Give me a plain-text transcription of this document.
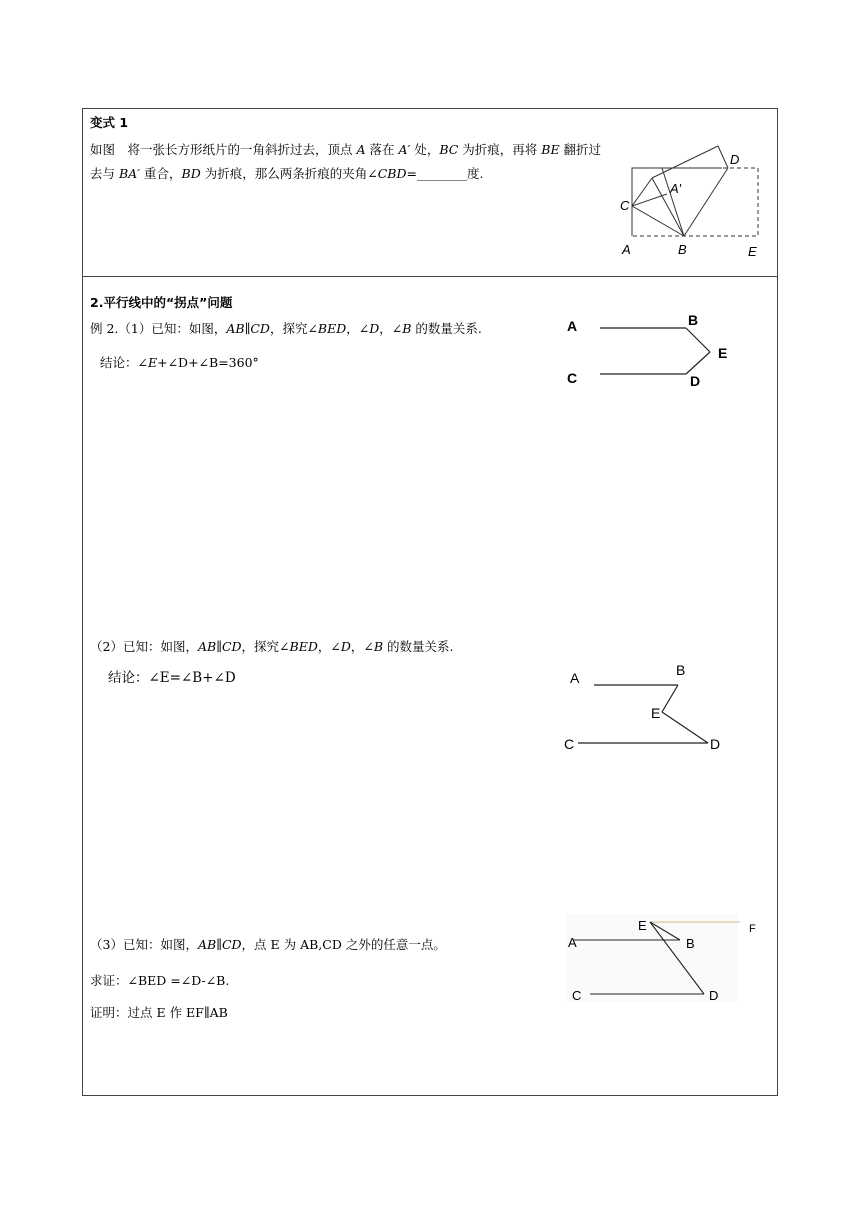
变式 1
如图　将一张长方形纸片的一角斜折过去，顶点 A 落在 A′ 处，BC 为折痕，再将 BE 翻折过去与 BA′ 重合，BD 为折痕，那么两条折痕的夹角∠CBD=________度.
C
A	B	E
D
A′
2.平行线中的“拐点”问题
例 2.（1）已知：如图，AB∥CD，探究∠BED，∠D，∠B 的数量关系.
结论：∠E+∠D+∠B=360°
A	B
E
C	D
（2）已知：如图，AB∥CD，探究∠BED，∠D，∠B 的数量关系.
结论：∠E=∠B+∠D	A	B
E
C	D
（3）已知：如图，AB∥CD，点 E 为 AB,CD 之外的任意一点。
求证：∠BED =∠D-∠B.
证明：过点 E 作 EF∥AB
A
E
B
F
C	D
